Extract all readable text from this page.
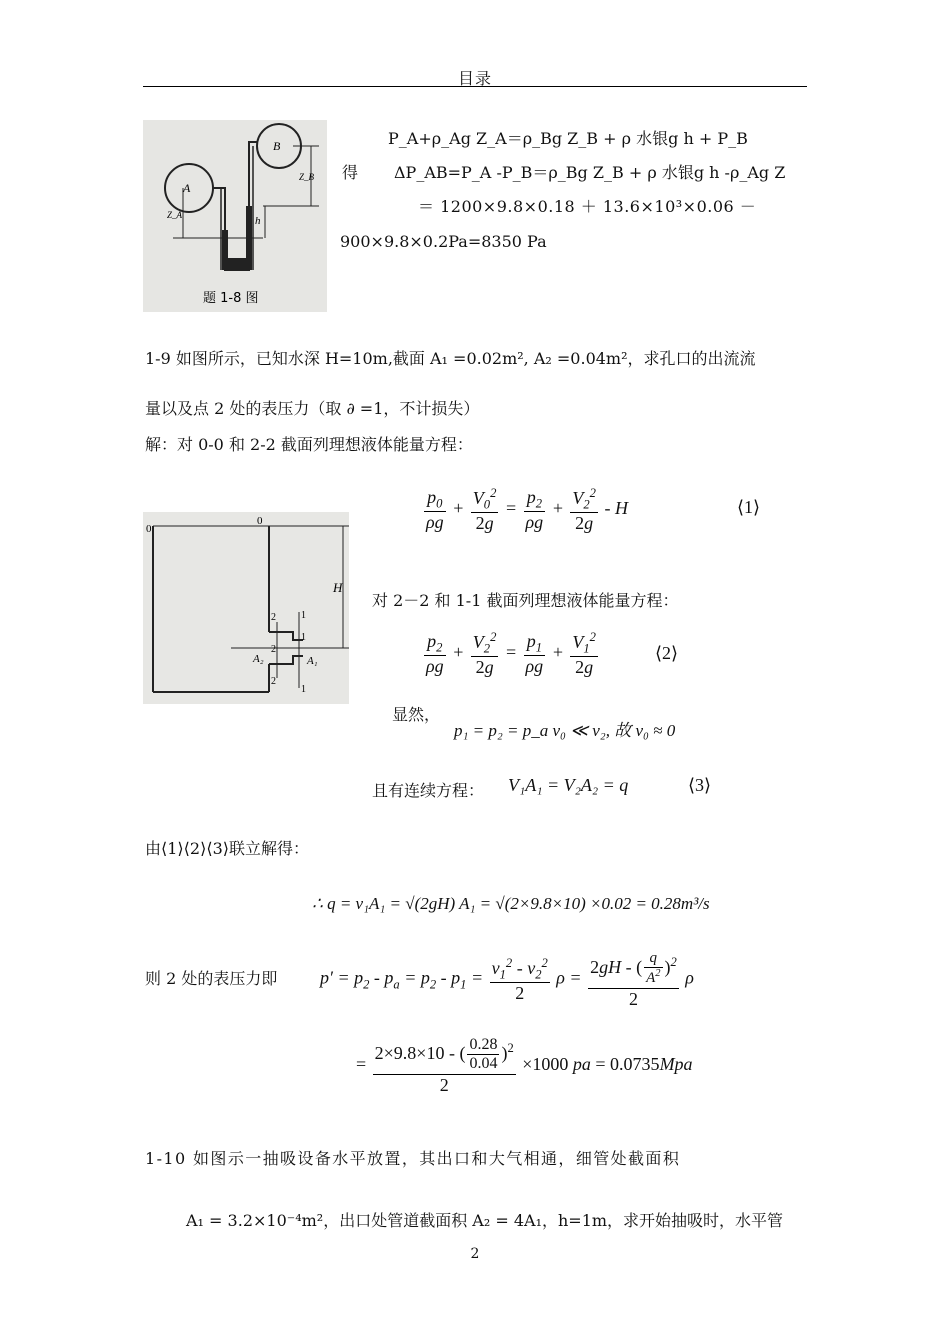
目录
A
B
Z_A
Z_B
h
题 1-8 图
P_A+ρ_Ag Z_A＝ρ_Bg Z_B + ρ 水银g h + P_B
得 ΔP_AB=P_A -P_B＝ρ_Bg Z_B + ρ 水银g h -ρ_Ag Z
＝ 1200×9.8×0.18 ＋ 13.6×10³×0.06 －
900×9.8×0.2Pa=8350 Pa
1-9 如图所示，已知水深 H=10m,截面 A₁ =0.02m², A₂ =0.04m²，求孔口的出流流
量以及点 2 处的表压力（取 ∂ =1，不计损失）
解：对 0-0 和 2-2 截面列理想液体能量方程：
0
0
H
2
2
2
1
1
1
A₂	A₁
$\frac{p_0}{\rho g} + \frac{V_0^2}{2g} = \frac{p_2}{\rho g} + \frac{V_2^2}{2g} - H$	⟨1⟩
对 2－2 和 1-1 截面列理想液体能量方程：
$\frac{p_2}{\rho g} + \frac{V_2^2}{2g} = \frac{p_1}{\rho g} + \frac{V_1^2}{2g}$	⟨2⟩
显然，
p₁ = p₂ = p_a v₀ ≪ v₂, 故 v₀ ≈ 0
且有连续方程： V₁A₁ = V₂A₂ = q	⟨3⟩
由⟨1⟩⟨2⟩⟨3⟩联立解得：
∴ q = v₁A₁ = √(2gH) A₁ = √(2×9.8×10) ×0.02 = 0.28m³/s
则 2 处的表压力即 $p' = p_2 - p_a = p_2 - p_1 = \frac{v_1^2 - v_2^2}{2}$ $\rho = \frac{2gH - ( \frac{q}{A^2} )^2}{2}$ ρ
= $\frac{2\times 9.8\times 10 - ( \frac{0.28}{0.04} )^2}{2} \times 1000$ pa = 0.0735Mpa
1-10 如图示一抽吸设备水平放置，其出口和大气相通，细管处截面积
A₁ = 3.2×10⁻⁴m²，出口处管道截面积 A₂ = 4A₁，h=1m，求开始抽吸时，水平管
2
